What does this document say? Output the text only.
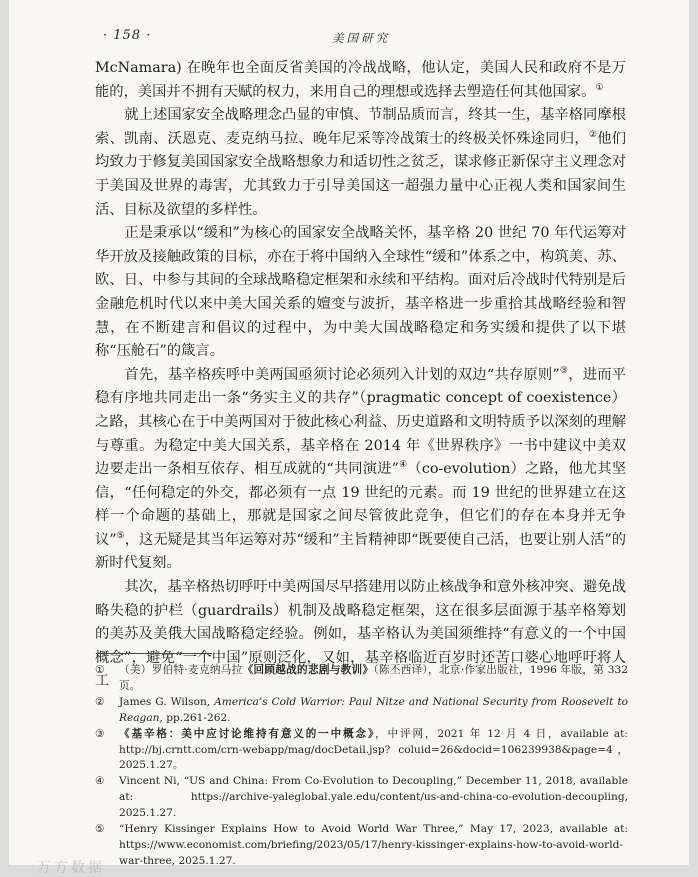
· 158 ·	美国研究

McNamara) 在晚年也全面反省美国的冷战战略，他认定，美国人民和政府不是万能的，美国并不拥有天赋的权力，来用自己的理想或选择去塑造任何其他国家。①

就上述国家安全战略理念凸显的审慎、节制品质而言，终其一生，基辛格同摩根索、凯南、沃恩克、麦克纳马拉、晚年尼采等冷战策士的终极关怀殊途同归，②他们均致力于修复美国国家安全战略想象力和适切性之贫乏，谋求修正新保守主义理念对于美国及世界的毒害，尤其致力于引导美国这一超强力量中心正视人类和国家间生活、目标及欲望的多样性。

正是秉承以“缓和”为核心的国家安全战略关怀，基辛格 20 世纪 70 年代运筹对华开放及接触政策的目标，亦在于将中国纳入全球性“缓和”体系之中，构筑美、苏、欧、日、中参与其间的全球战略稳定框架和永续和平结构。面对后冷战时代特别是后金融危机时代以来中美大国关系的嬗变与波折，基辛格进一步重拾其战略经验和智慧，在不断建言和倡议的过程中，为中美大国战略稳定和务实缓和提供了以下堪称“压舱石”的箴言。

首先，基辛格疾呼中美两国亟须讨论必须列入计划的双边“共存原则”③，进而平稳有序地共同走出一条“务实主义的共存”（pragmatic concept of coexistence）之路，其核心在于中美两国对于彼此核心利益、历史道路和文明特质予以深刻的理解与尊重。为稳定中美大国关系，基辛格在 2014 年《世界秩序》一书中建议中美双边要走出一条相互依存、相互成就的“共同演进”④（co-evolution）之路，他尤其坚信，“任何稳定的外交，都必须有一点 19 世纪的元素。而 19 世纪的世界建立在这样一个命题的基础上，那就是国家之间尽管彼此竞争，但它们的存在本身并无争议”⑤，这无疑是其当年运筹对苏“缓和”主旨精神即“既要使自己活，也要让别人活”的新时代复刻。

其次，基辛格热切呼吁中美两国尽早搭建用以防止核战争和意外核冲突、避免战略失稳的护栏（guardrails）机制及战略稳定框架，这在很多层面源于基辛格筹划的美苏及美俄大国战略稳定经验。例如，基辛格认为美国须维持“有意义的一个中国概念”，避免“一个中国”原则泛化，又如，基辛格临近百岁时还苦口婆心地呼吁将人工

①	（美）罗伯特·麦克纳马拉《回顾越战的悲剧与教训》（陈丕西译），北京·作家出版社，1996 年版，第 332 页。
②	James G. Wilson, America’s Cold Warrior: Paul Nitze and National Security from Roosevelt to Reagan, pp.261-262.
③	《基辛格：美中应讨论维持有意义的一中概念》，中评网，2021 年 12 月 4 日，available at: http://bj.crntt.com/crn-webapp/mag/docDetail.jsp? coluid=26&docid=106239938&page=4，2025.1.27。
④	Vincent Ni, “US and China: From Co-Evolution to Decoupling,” December 11, 2018, available at: https://archive-yaleglobal.yale.edu/content/us-and-china-co-evolution-decoupling, 2025.1.27.
⑤	“Henry Kissinger Explains How to Avoid World War Three,” May 17, 2023, available at: https://www.economist.com/briefing/2023/05/17/henry-kissinger-explains-how-to-avoid-world-war-three, 2025.1.27.
万方数据
